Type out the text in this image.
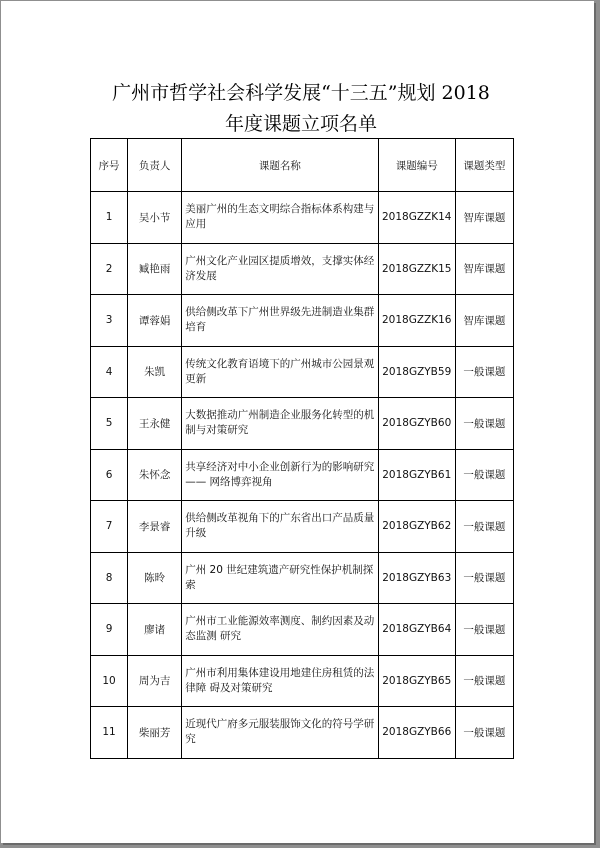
广州市哲学社会科学发展“十三五”规划 2018
年度课题立项名单
序号	负责人	课题名称	课题编号	课题类型
1	吴小节	美丽广州的生态文明综合指标体系构建与应用	2018GZZK14	智库课题
2	臧艳雨	广州文化产业园区提质增效，支撑实体经济发展	2018GZZK15	智库课题
3	谭蓉娟	供给侧改革下广州世界级先进制造业集群培育	2018GZZK16	智库课题
4	朱凯	传统文化教育语境下的广州城市公园景观更新	2018GZYB59	一般课题
5	王永健	大数据推动广州制造企业服务化转型的机制与对策研究	2018GZYB60	一般课题
6	朱怀念	共享经济对中小企业创新行为的影响研究—— 网络博弈视角	2018GZYB61	一般课题
7	李景睿	供给侧改革视角下的广东省出口产品质量升级	2018GZYB62	一般课题
8	陈昤	广州 20 世纪建筑遗产研究性保护机制探索	2018GZYB63	一般课题
9	廖诸	广州市工业能源效率测度、制约因素及动态监测 研究	2018GZYB64	一般课题
10	周为吉	广州市利用集体建设用地建住房租赁的法律障 碍及对策研究	2018GZYB65	一般课题
11	柴丽芳	近现代广府多元服装服饰文化的符号学研究	2018GZYB66	一般课题
